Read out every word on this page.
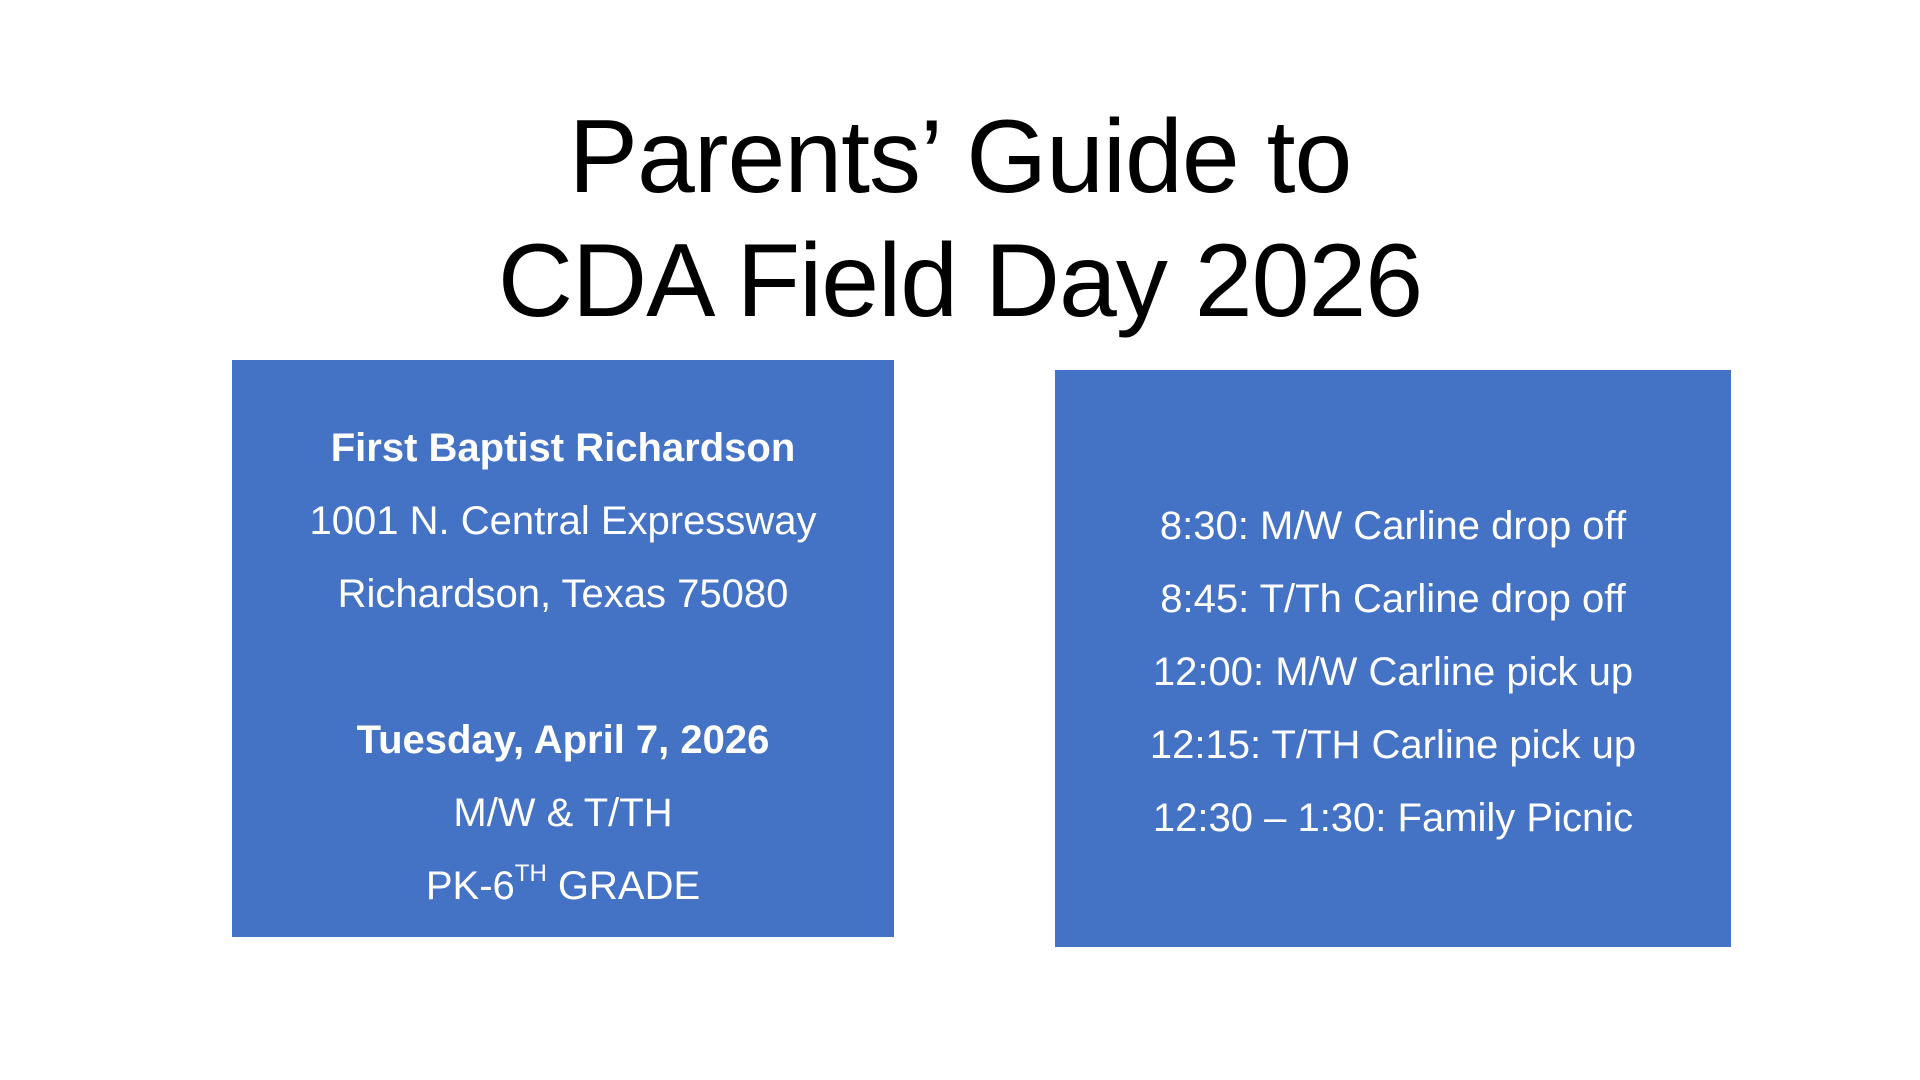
Parents’ Guide to
CDA Field Day 2026
First Baptist Richardson
1001 N. Central Expressway
Richardson, Texas 75080
Tuesday, April 7, 2026
M/W & T/TH
PK-6TH GRADE
8:30: M/W Carline drop off
8:45: T/Th Carline drop off
12:00: M/W Carline pick up
12:15: T/TH Carline pick up
12:30 – 1:30: Family Picnic
